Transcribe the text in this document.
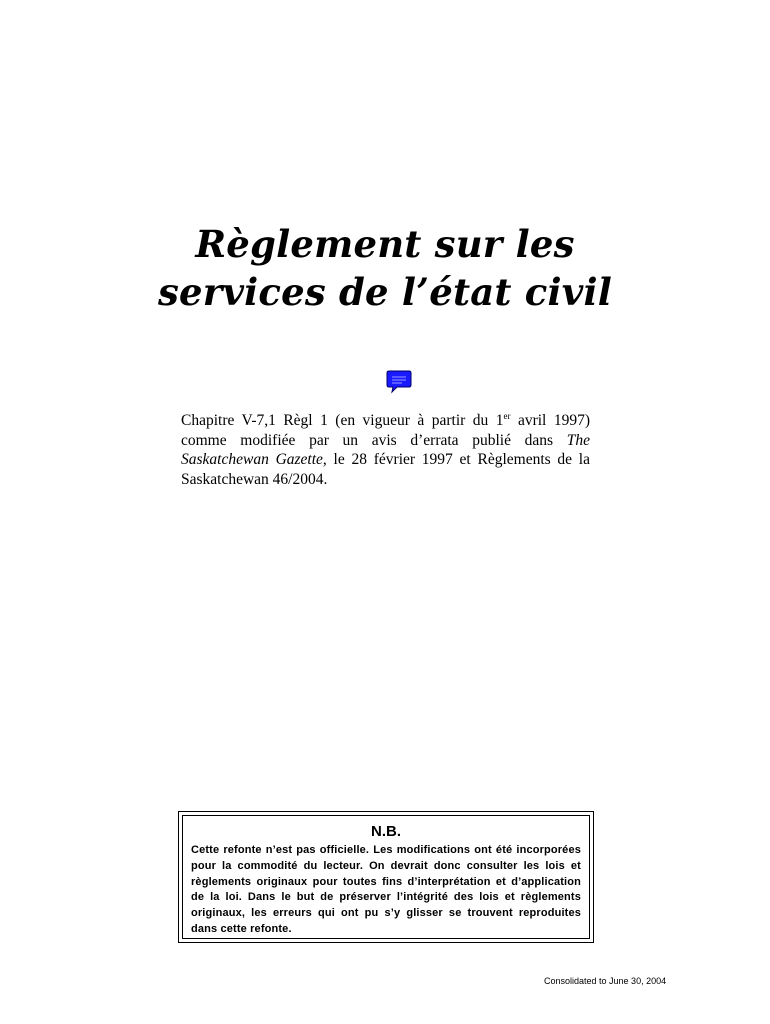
Règlement sur les
services de l’état civil

Chapitre V-7,1 Règl 1 (en vigueur à partir du 1er avril 1997) comme modifiée par un avis d’errata publié dans The Saskatchewan Gazette, le 28 février 1997 et Règlements de la Saskatchewan 46/2004.

N.B.

Cette refonte n’est pas officielle. Les modifications ont été incorporées pour la commodité du lecteur. On devrait donc consulter les lois et règlements originaux pour toutes fins d’interprétation et d’application de la loi. Dans le but de préserver l’intégrité des lois et règlements originaux, les erreurs qui ont pu s’y glisser se trouvent reproduites dans cette refonte.

Consolidated to June 30, 2004
